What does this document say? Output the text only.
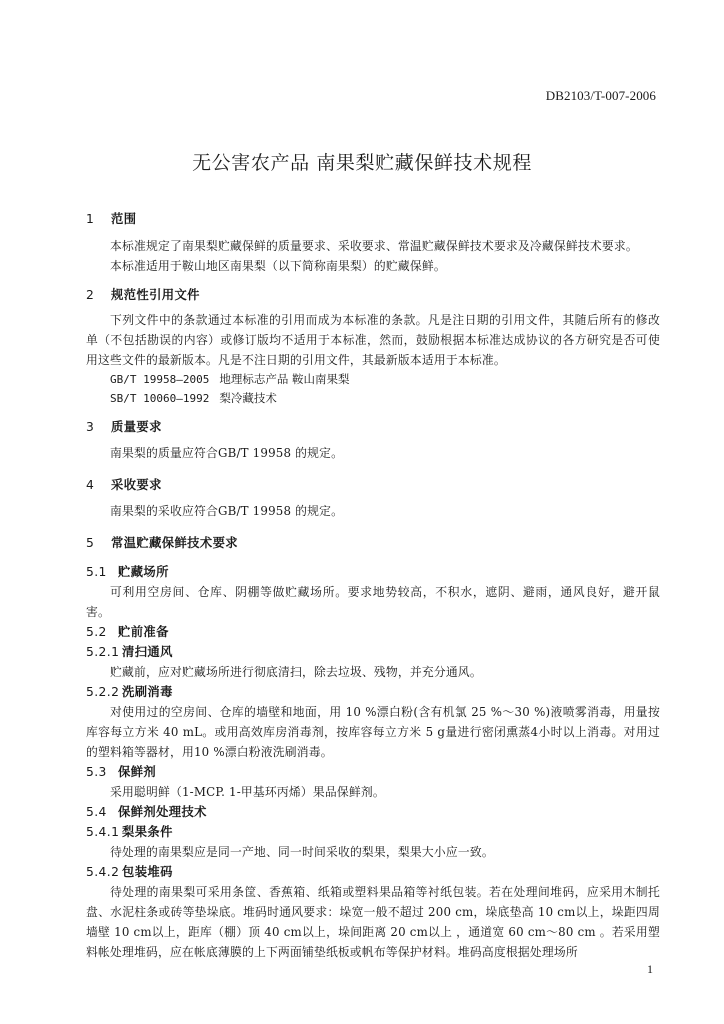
DB2103/T-007-2006
无公害农产品 南果梨贮藏保鲜技术规程
1 范围
本标准规定了南果梨贮藏保鲜的质量要求、采收要求、常温贮藏保鲜技术要求及冷藏保鲜技术要求。
本标准适用于鞍山地区南果梨（以下简称南果梨）的贮藏保鲜。
2 规范性引用文件
下列文件中的条款通过本标准的引用而成为本标准的条款。凡是注日期的引用文件，其随后所有的修改单（不包括勘误的内容）或修订版均不适用于本标准，然而，鼓励根据本标准达成协议的各方研究是否可使用这些文件的最新版本。凡是不注日期的引用文件，其最新版本适用于本标准。
GB/T 19958—2005 地理标志产品 鞍山南果梨
SB/T 10060—1992 梨冷藏技术
3 质量要求
南果梨的质量应符合GB/T 19958 的规定。
4 采收要求
南果梨的采收应符合GB/T 19958 的规定。
5 常温贮藏保鲜技术要求
5.1 贮藏场所
可利用空房间、仓库、阴棚等做贮藏场所。要求地势较高，不积水，遮阴、避雨，通风良好，避开鼠害。
5.2 贮前准备
5.2.1 清扫通风
贮藏前，应对贮藏场所进行彻底清扫，除去垃圾、残物，并充分通风。
5.2.2 洗刷消毒
对使用过的空房间、仓库的墙壁和地面，用 10 %漂白粉(含有机氯 25 %～30 %)液喷雾消毒，用量按库容每立方米 40 mL。或用高效库房消毒剂，按库容每立方米 5 g量进行密闭熏蒸4小时以上消毒。对用过的塑料箱等器材，用10 %漂白粉液洗刷消毒。
5.3 保鲜剂
采用聪明鲜（1-MCP. 1-甲基环丙烯）果品保鲜剂。
5.4 保鲜剂处理技术
5.4.1 梨果条件
待处理的南果梨应是同一产地、同一时间采收的梨果，梨果大小应一致。
5.4.2 包装堆码
待处理的南果梨可采用条筐、香蕉箱、纸箱或塑料果品箱等衬纸包装。若在处理间堆码，应采用木制托盘、水泥柱条或砖等垫垛底。堆码时通风要求：垛宽一般不超过 200 cm，垛底垫高 10 cm以上，垛距四周墙壁 10 cm以上，距库（棚）顶 40 cm以上，垛间距离 20 cm以上 ，通道宽 60 cm～80 cm 。若采用塑料帐处理堆码，应在帐底薄膜的上下两面铺垫纸板或帆布等保护材料。堆码高度根据处理场所
1
